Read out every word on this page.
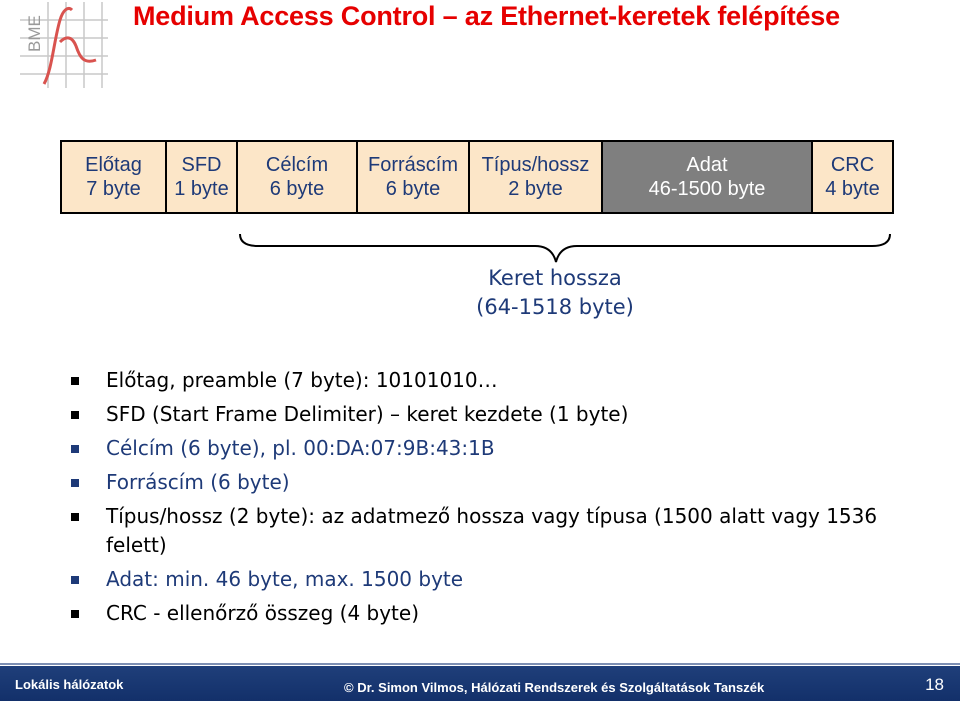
BME	Medium Access Control – az Ethernet-keretek felépítése
Előtag
7 byte
SFD
1 byte
Célcím
6 byte
Forráscím
6 byte
Típus/hossz
2 byte
Adat
46-1500 byte
CRC
4 byte
Keret hossza
(64-1518 byte)
Előtag, preamble (7 byte): 10101010…
SFD (Start Frame Delimiter) – keret kezdete (1 byte)
Célcím (6 byte), pl. 00:DA:07:9B:43:1B
Forráscím (6 byte)
Típus/hossz (2 byte): az adatmező hossza vagy típusa (1500 alatt vagy 1536 felett)
Adat: min. 46 byte, max. 1500 byte
CRC - ellenőrző összeg (4 byte)
Lokális hálózatok	© Dr. Simon Vilmos, Hálózati Rendszerek és Szolgáltatások Tanszék	18
